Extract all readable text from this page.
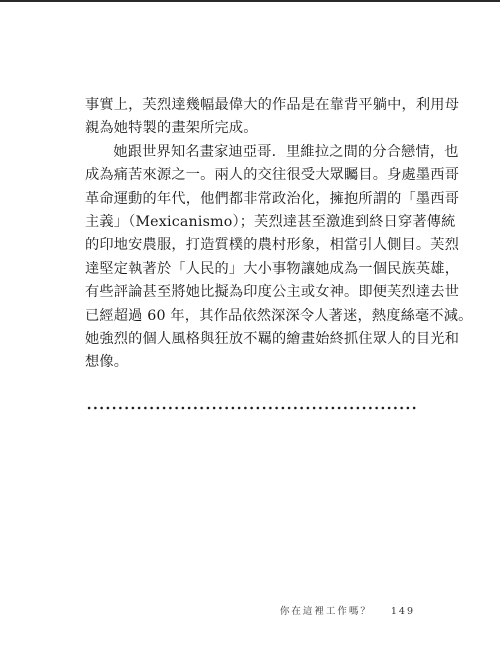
事實上，芙烈達幾幅最偉大的作品是在靠背平躺中，利用母
親為她特製的畫架所完成。

她跟世界知名畫家迪亞哥．里維拉之間的分合戀情，也
成為痛苦來源之一。兩人的交往很受大眾矚目。身處墨西哥
革命運動的年代，他們都非常政治化，擁抱所謂的「墨西哥
主義」（Mexicanismo）；芙烈達甚至激進到終日穿著傳統
的印地安農服，打造質樸的農村形象，相當引人側目。芙烈
達堅定執著於「人民的」大小事物讓她成為一個民族英雄，
有些評論甚至將她比擬為印度公主或女神。即便芙烈達去世
已經超過 60 年，其作品依然深深令人著迷，熱度絲毫不減。
她強烈的個人風格與狂放不羈的繪畫始終抓住眾人的目光和
想像。

你在這裡工作嗎？ 149
